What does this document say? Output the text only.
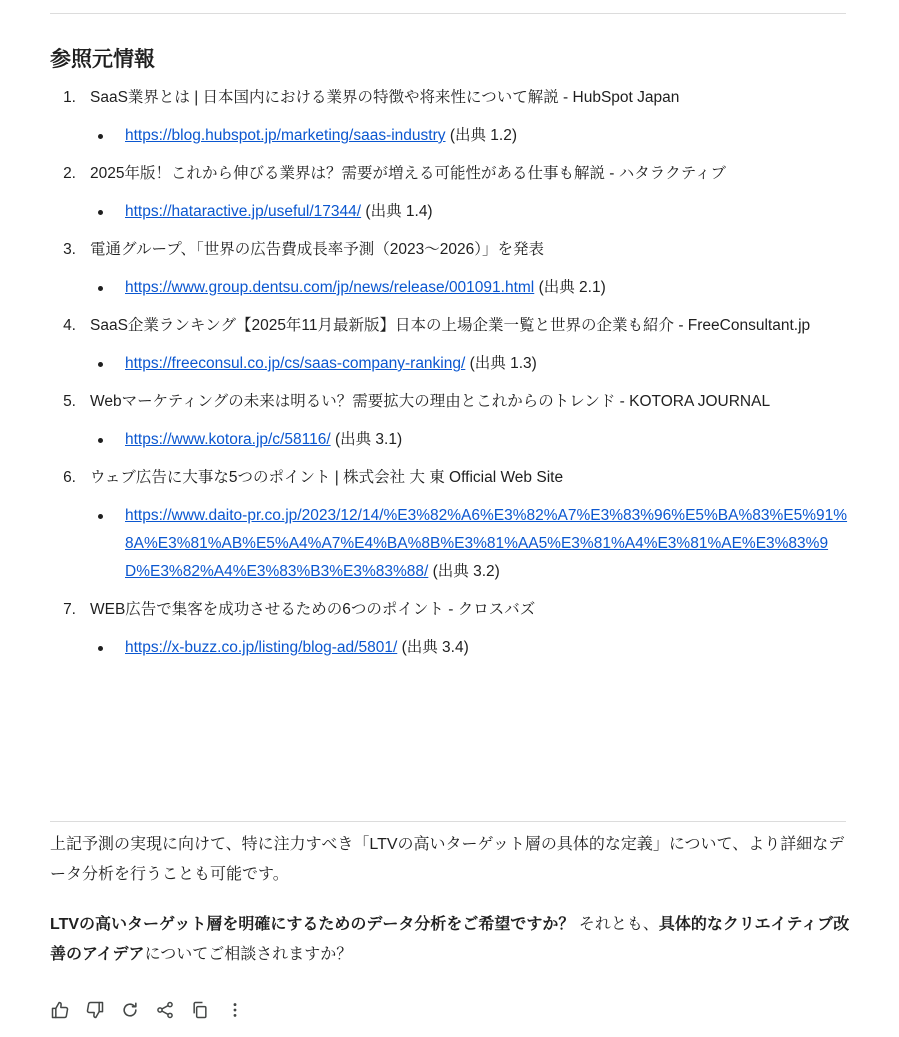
参照元情報
1. SaaS業界とは | 日本国内における業界の特徴や将来性について解説 - HubSpot Japan
https://blog.hubspot.jp/marketing/saas-industry (出典 1.2)
2. 2025年版！これから伸びる業界は？需要が増える可能性がある仕事も解説 - ハタラクティブ
https://hataractive.jp/useful/17344/ (出典 1.4)
3. 電通グループ、「世界の広告費成長率予測（2023～2026）」を発表
https://www.group.dentsu.com/jp/news/release/001091.html (出典 2.1)
4. SaaS企業ランキング【2025年11月最新版】日本の上場企業一覧と世界の企業も紹介 - FreeConsultant.jp
https://freeconsul.co.jp/cs/saas-company-ranking/ (出典 1.3)
5. Webマーケティングの未来は明るい？需要拡大の理由とこれからのトレンド - KOTORA JOURNAL
https://www.kotora.jp/c/58116/ (出典 3.1)
6. ウェブ広告に大事な5つのポイント | 株式会社 大 東 Official Web Site
https://www.daito-pr.co.jp/2023/12/14/%E3%82%A6%E3%82%A7%E3%83%96%E5%BA%83%E5%91%8A%E3%81%AB%E5%A4%A7%E4%BA%8B%E3%81%AA5%E3%81%A4%E3%81%AE%E3%83%9D%E3%82%A4%E3%83%B3%E3%83%88/ (出典 3.2)
7. WEB広告で集客を成功させるための6つのポイント - クロスバズ
https://x-buzz.co.jp/listing/blog-ad/5801/ (出典 3.4)

上記予測の実現に向けて、特に注力すべき「LTVの高いターゲット層の具体的な定義」について、より詳細なデータ分析を行うことも可能です。

LTVの高いターゲット層を明確にするためのデータ分析をご希望ですか？ それとも、具体的なクリエイティブ改善のアイデアについてご相談されますか？
